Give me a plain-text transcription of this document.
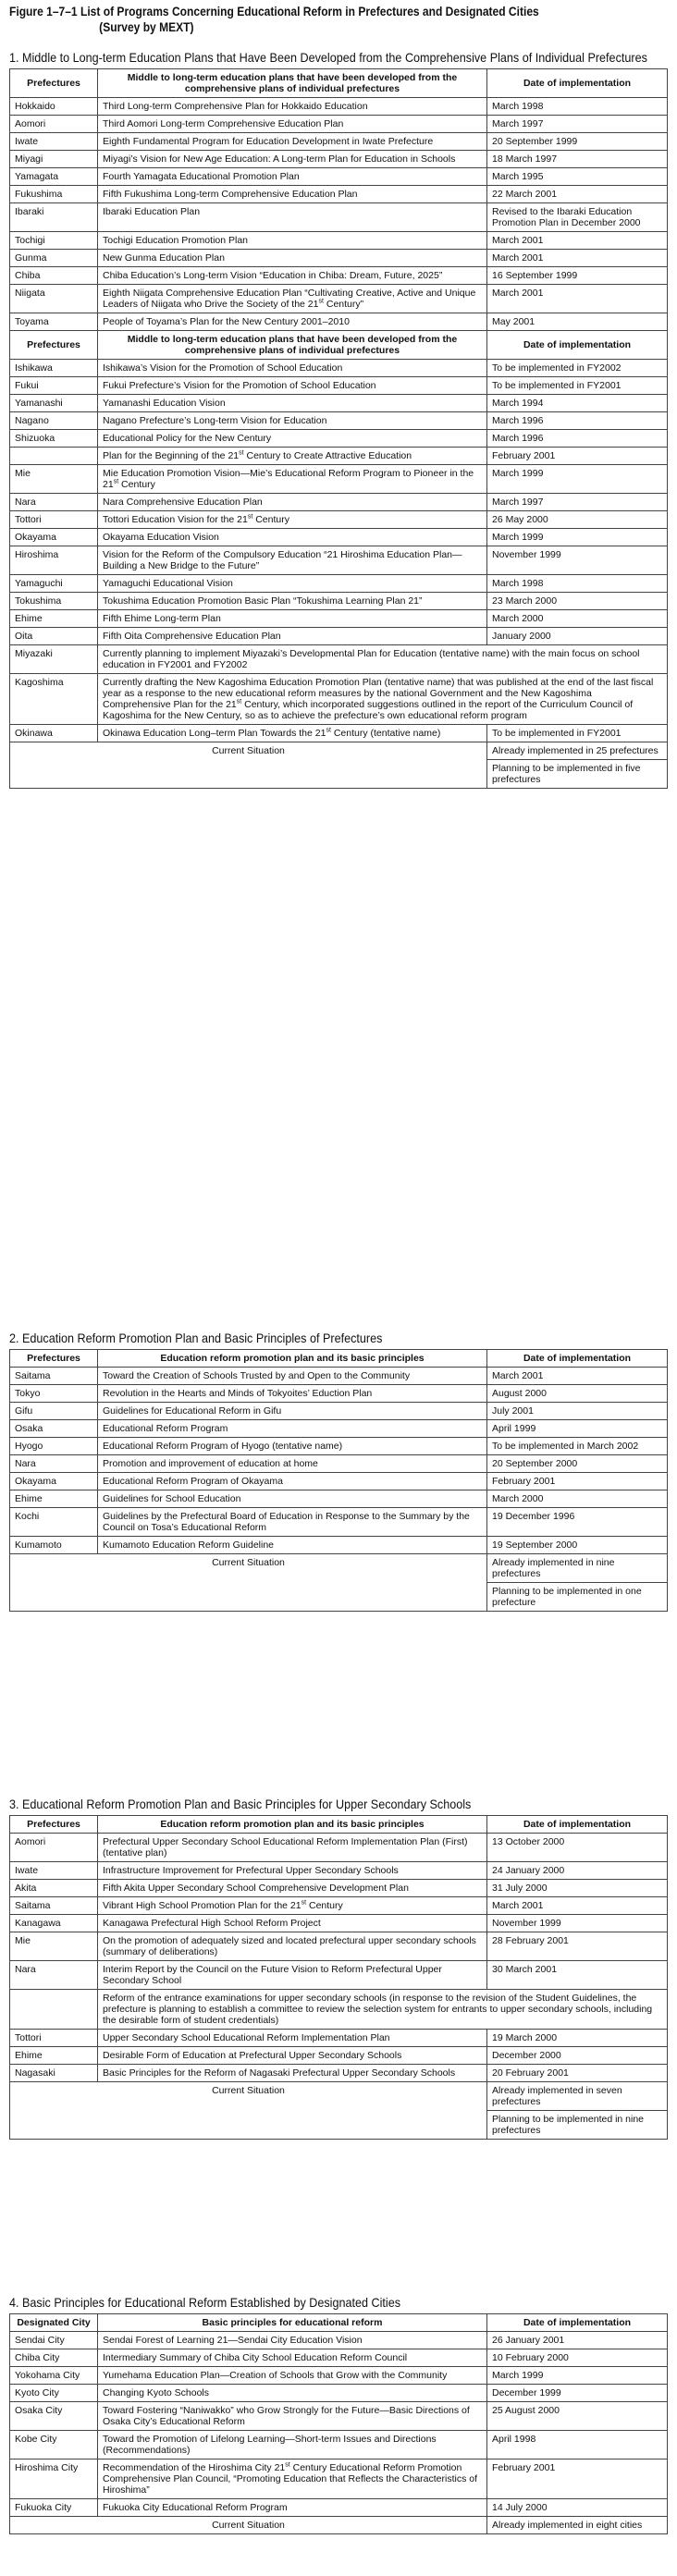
Figure 1–7–1 List of Programs Concerning Educational Reform in Prefectures and Designated Cities
(Survey by MEXT)
1. Middle to Long-term Education Plans that Have Been Developed from the Comprehensive Plans of Individual Prefectures
Prefectures	Middle to long-term education plans that have been developed from the comprehensive plans of individual prefectures	Date of implementation
Hokkaido	Third Long-term Comprehensive Plan for Hokkaido Education	March 1998
Aomori	Third Aomori Long-term Comprehensive Education Plan	March 1997
Iwate	Eighth Fundamental Program for Education Development in Iwate Prefecture	20 September 1999
Miyagi	Miyagi’s Vision for New Age Education: A Long-term Plan for Education in Schools	18 March 1997
Yamagata	Fourth Yamagata Educational Promotion Plan	March 1995
Fukushima	Fifth Fukushima Long-term Comprehensive Education Plan	22 March 2001
Ibaraki	Ibaraki Education Plan	Revised to the Ibaraki Education Promotion Plan in December 2000
Tochigi	Tochigi Education Promotion Plan	March 2001
Gunma	New Gunma Education Plan	March 2001
Chiba	Chiba Education’s Long-term Vision “Education in Chiba: Dream, Future, 2025”	16 September 1999
Niigata	Eighth Niigata Comprehensive Education Plan “Cultivating Creative, Active and Unique Leaders of Niigata who Drive the Society of the 21st Century”	March 2001
Toyama	People of Toyama’s Plan for the New Century 2001–2010	May 2001
Prefectures	Middle to long-term education plans that have been developed from the comprehensive plans of individual prefectures	Date of implementation
Ishikawa	Ishikawa’s Vision for the Promotion of School Education	To be implemented in FY2002
Fukui	Fukui Prefecture’s Vision for the Promotion of School Education	To be implemented in FY2001
Yamanashi	Yamanashi Education Vision	March 1994
Nagano	Nagano Prefecture’s Long-term Vision for Education	March 1996
Shizuoka	Educational Policy for the New Century	March 1996
	Plan for the Beginning of the 21st Century to Create Attractive Education	February 2001
Mie	Mie Education Promotion Vision—Mie’s Educational Reform Program to Pioneer in the 21st Century	March 1999
Nara	Nara Comprehensive Education Plan	March 1997
Tottori	Tottori Education Vision for the 21st Century	26 May 2000
Okayama	Okayama Education Vision	March 1999
Hiroshima	Vision for the Reform of the Compulsory Education “21 Hiroshima Education Plan—Building a New Bridge to the Future”	November 1999
Yamaguchi	Yamaguchi Educational Vision	March 1998
Tokushima	Tokushima Education Promotion Basic Plan “Tokushima Learning Plan 21”	23 March 2000
Ehime	Fifth Ehime Long-term Plan	March 2000
Oita	Fifth Oita Comprehensive Education Plan	January 2000
Miyazaki	Currently planning to implement Miyazaki’s Developmental Plan for Education (tentative name) with the main focus on school education in FY2001 and FY2002	
Kagoshima	Currently drafting the New Kagoshima Education Promotion Plan (tentative name) that was published at the end of the last fiscal year as a response to the new educational reform measures by the national Government and the New Kagoshima Comprehensive Plan for the 21st Century, which incorporated suggestions outlined in the report of the Curriculum Council of Kagoshima for the New Century, so as to achieve the prefecture’s own educational reform program	
Okinawa	Okinawa Education Long–term Plan Towards the 21st Century (tentative name)	To be implemented in FY2001
Current Situation		Already implemented in 25 prefectures
		Planning to be implemented in five prefectures
2. Education Reform Promotion Plan and Basic Principles of Prefectures
Prefectures	Education reform promotion plan and its basic principles	Date of implementation
Saitama	Toward the Creation of Schools Trusted by and Open to the Community	March 2001
Tokyo	Revolution in the Hearts and Minds of Tokyoites’ Eduction Plan	August 2000
Gifu	Guidelines for Educational Reform in Gifu	July 2001
Osaka	Educational Reform Program	April 1999
Hyogo	Educational Reform Program of Hyogo (tentative name)	To be implemented in March 2002
Nara	Promotion and improvement of education at home	20 September 2000
Okayama	Educational Reform Program of Okayama	February 2001
Ehime	Guidelines for School Education	March 2000
Kochi	Guidelines by the Prefectural Board of Education in Response to the Summary by the Council on Tosa’s Educational Reform	19 December 1996
Kumamoto	Kumamoto Education Reform Guideline	19 September 2000
Current Situation		Already implemented in nine prefectures
		Planning to be implemented in one prefecture
3. Educational Reform Promotion Plan and Basic Principles for Upper Secondary Schools
Prefectures	Education reform promotion plan and its basic principles	Date of implementation
Aomori	Prefectural Upper Secondary School Educational Reform Implementation Plan (First) (tentative plan)	13 October 2000
Iwate	Infrastructure Improvement for Prefectural Upper Secondary Schools	24 January 2000
Akita	Fifth Akita Upper Secondary School Comprehensive Development Plan	31 July 2000
Saitama	Vibrant High School Promotion Plan for the 21st Century	March 2001
Kanagawa	Kanagawa Prefectural High School Reform Project	November 1999
Mie	On the promotion of adequately sized and located prefectural upper secondary schools (summary of deliberations)	28 February 2001
Nara	Interim Report by the Council on the Future Vision to Reform Prefectural Upper Secondary School	30 March 2001
	Reform of the entrance examinations for upper secondary schools (in response to the revision of the Student Guidelines, the prefecture is planning to establish a committee to review the selection system for entrants to upper secondary schools, including the desirable form of student credentials)	
Tottori	Upper Secondary School Educational Reform Implementation Plan	19 March 2000
Ehime	Desirable Form of Education at Prefectural Upper Secondary Schools	December 2000
Nagasaki	Basic Principles for the Reform of Nagasaki Prefectural Upper Secondary Schools	20 February 2001
Current Situation		Already implemented in seven prefectures
		Planning to be implemented in nine prefectures
4. Basic Principles for Educational Reform Established by Designated Cities
Designated City	Basic principles for educational reform	Date of implementation
Sendai City	Sendai Forest of Learning 21—Sendai City Education Vision	26 January 2001
Chiba City	Intermediary Summary of Chiba City School Education Reform Council	10 February 2000
Yokohama City	Yumehama Education Plan—Creation of Schools that Grow with the Community	March 1999
Kyoto City	Changing Kyoto Schools	December 1999
Osaka City	Toward Fostering “Naniwakko” who Grow Strongly for the Future—Basic Directions of Osaka City’s Educational Reform	25 August 2000
Kobe City	Toward the Promotion of Lifelong Learning—Short-term Issues and Directions (Recommendations)	April 1998
Hiroshima City	Recommendation of the Hiroshima City 21st Century Educational Reform Promotion Comprehensive Plan Council, “Promoting Education that Reflects the Characteristics of Hiroshima”	February 2001
Fukuoka City	Fukuoka City Educational Reform Program	14 July 2000
Current Situation		Already implemented in eight cities
